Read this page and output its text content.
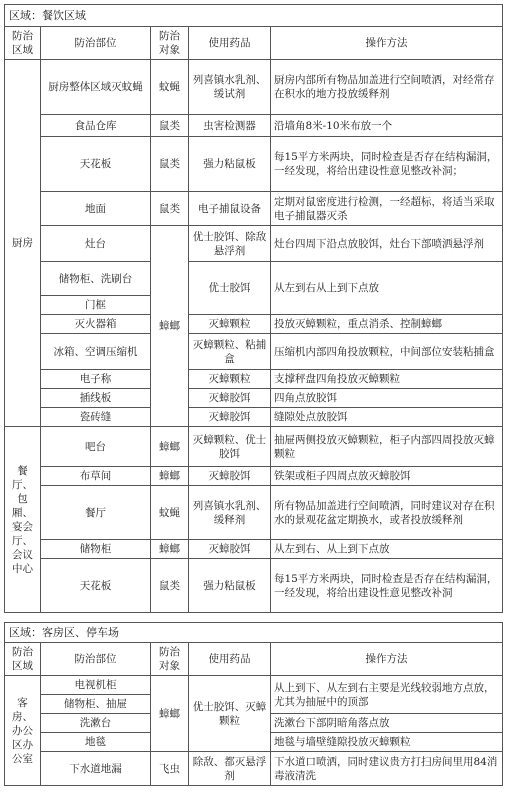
区域：餐饮区域				
防治区域	防治部位	防治对象	使用药品	操作方法
厨房	厨房整体区域灭蚊蝇	蚊蝇	列喜镇水乳剂、缓试剂	厨房内部所有物品加盖进行空间喷洒，对经常存在积水的地方投放缓释剂
	食品仓库	鼠类	虫害检测器	沿墙角8米-10米布放一个
	天花板	鼠类	强力粘鼠板	每15平方米两块，同时检查是否存在结构漏洞，一经发现，将给出建设性意见整改补洞；
	地面	鼠类	电子捕鼠设备	定期对鼠密度进行检测，一经超标，将适当采取电子捕鼠器灭杀
	灶台	蟑螂	优士胶饵、除敌悬浮剂	灶台四周下沿点放胶饵，灶台下部喷洒悬浮剂
	储物柜、洗刷台		优士胶饵	从左到右从上到下点放
	门框			
	灭火器箱		灭蟑颗粒	投放灭蟑颗粒，重点消杀、控制蟑螂
	冰箱、空调压缩机		灭蟑颗粒、粘捕盒	压缩机内部四角投放颗粒，中间部位安装粘捕盒
	电子称		灭蟑颗粒	支撑秤盘四角投放灭蟑颗粒
	插线板		灭蟑胶饵	四角点放胶饵
	瓷砖缝		灭蟑胶饵	缝隙处点放胶饵
餐厅、包厢、宴会厅、会议中心	吧台	蟑螂	灭蟑颗粒、优士胶饵	抽屉两侧投放灭蟑颗粒，柜子内部四周投放灭蟑颗粒
	布草间	蟑螂	灭蟑胶饵	铁架或柜子四周点放灭蟑胶饵
	餐厅	蚊蝇	列喜镇水乳剂、缓释剂	所有物品加盖进行空间喷洒，同时建议对存在积水的景观花盆定期换水，或者投放缓释剂
	储物柜	蟑螂	灭蟑胶饵	从左到右、从上到下点放
	天花板	鼠类	强力粘鼠板	每15平方米两块，同时检查是否存在结构漏洞，一经发现，将给出建设性意见整改补洞
区域：客房区、停车场				
防治区域	防治部位	防治对象	使用药品	操作方法
客房、办公区办公室	电视机柜	蟑螂	优士胶饵、灭蟑颗粒	从上到下、从左到右主要是光线较弱地方点放，尤其为抽屉中的顶部
	储物柜、抽屉			
	洗漱台			洗漱台下部阴暗角落点放
	地毯			地毯与墙壁缝隙投放灭蟑颗粒
	下水道地漏	飞虫	除敌、都灭悬浮剂	下水道口喷洒，同时建议贵方打扫房间里用84消毒液清洗
